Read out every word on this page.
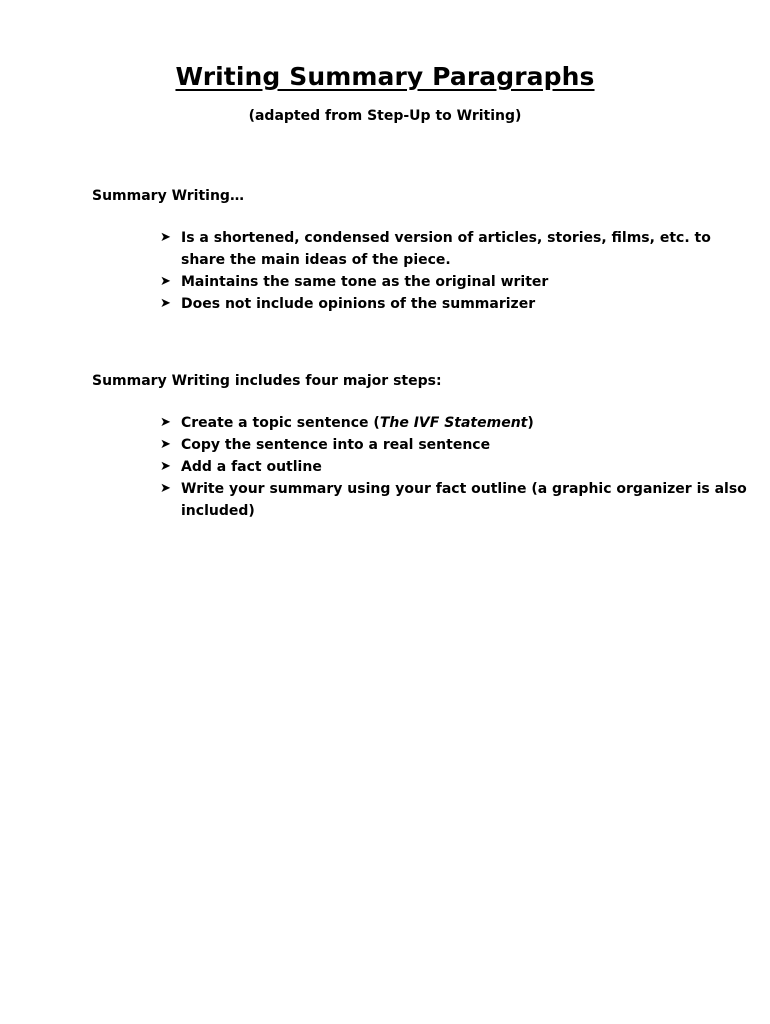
Writing Summary Paragraphs
(adapted from Step-Up to Writing)
Summary Writing…
➤ Is a shortened, condensed version of articles, stories, films, etc. to share the main ideas of the piece.
➤ Maintains the same tone as the original writer
➤ Does not include opinions of the summarizer
Summary Writing includes four major steps:
➤ Create a topic sentence (The IVF Statement)
➤ Copy the sentence into a real sentence
➤ Add a fact outline
➤ Write your summary using your fact outline (a graphic organizer is also included)
